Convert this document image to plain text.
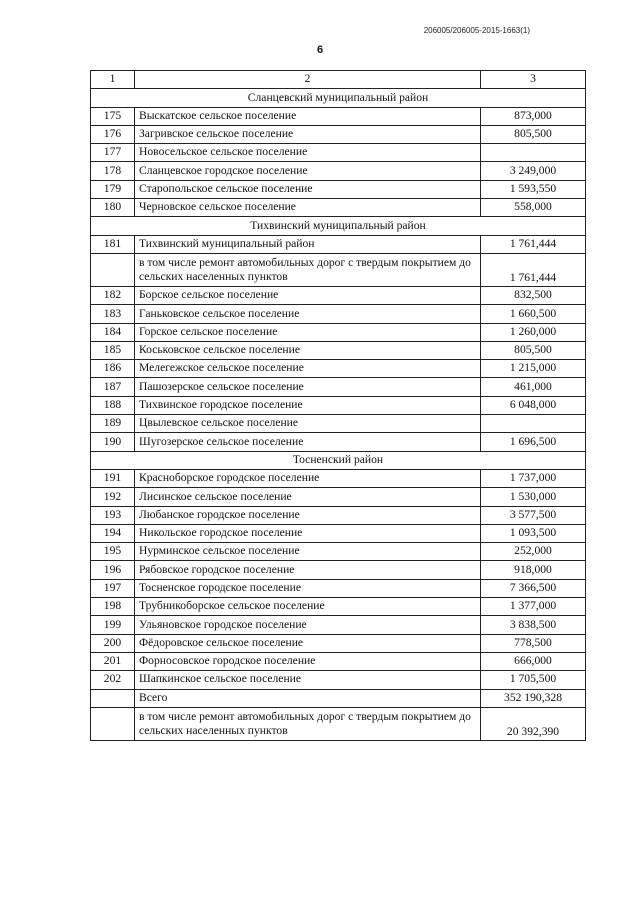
206005/206005-2015-1663(1)
6
1	2	3
Сланцевский муниципальный район		
175	Выскатское сельское поселение	873,000
176	Загривское сельское поселение	805,500
177	Новосельское сельское поселение	
178	Сланцевское городское поселение	3 249,000
179	Старопольское сельское поселение	1 593,550
180	Черновское сельское поселение	558,000
Тихвинский муниципальный район		
181	Тихвинский муниципальный район	1 761,444
	в том числе ремонт автомобильных дорог с твердым покрытием до сельских населенных пунктов	1 761,444
182	Борское сельское поселение	832,500
183	Ганьковское сельское поселение	1 660,500
184	Горское сельское поселение	1 260,000
185	Коськовское сельское поселение	805,500
186	Мелегежское сельское поселение	1 215,000
187	Пашозерское сельское поселение	461,000
188	Тихвинское городское поселение	6 048,000
189	Цвылевское сельское поселение	
190	Шугозерское сельское поселение	1 696,500
Тосненский район		
191	Красноборское городское поселение	1 737,000
192	Лисинское сельское поселение	1 530,000
193	Любанское городское поселение	3 577,500
194	Никольское городское поселение	1 093,500
195	Нурминское сельское поселение	252,000
196	Рябовское городское поселение	918,000
197	Тосненское городское поселение	7 366,500
198	Трубникоборское сельское поселение	1 377,000
199	Ульяновское городское поселение	3 838,500
200	Фёдоровское сельское поселение	778,500
201	Форносовское городское поселение	666,000
202	Шапкинское сельское поселение	1 705,500
	Всего	352 190,328
	в том числе ремонт автомобильных дорог с твердым покрытием до сельских населенных пунктов	20 392,390
